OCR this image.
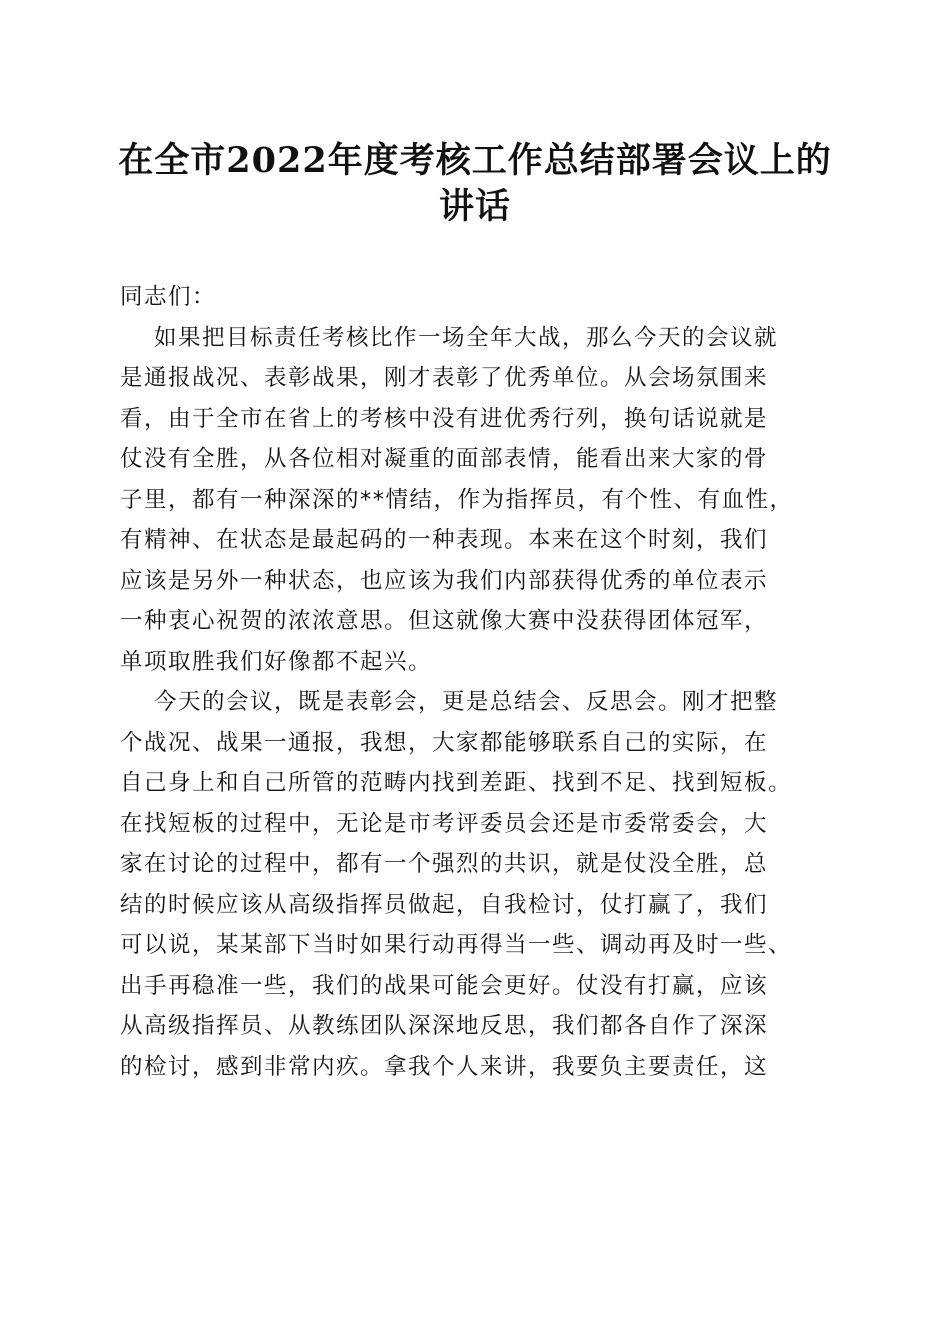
在全市2022年度考核工作总结部署会议上的
讲话
同志们：
如果把目标责任考核比作一场全年大战，那么今天的会议就
是通报战况、表彰战果，刚才表彰了优秀单位。从会场氛围来
看，由于全市在省上的考核中没有进优秀行列，换句话说就是
仗没有全胜，从各位相对凝重的面部表情，能看出来大家的骨
子里，都有一种深深的**情结，作为指挥员，有个性、有血性，
有精神、在状态是最起码的一种表现。本来在这个时刻，我们
应该是另外一种状态，也应该为我们内部获得优秀的单位表示
一种衷心祝贺的浓浓意思。但这就像大赛中没获得团体冠军，
单项取胜我们好像都不起兴。
今天的会议，既是表彰会，更是总结会、反思会。刚才把整
个战况、战果一通报，我想，大家都能够联系自己的实际，在
自己身上和自己所管的范畴内找到差距、找到不足、找到短板。
在找短板的过程中，无论是市考评委员会还是市委常委会，大
家在讨论的过程中，都有一个强烈的共识，就是仗没全胜，总
结的时候应该从高级指挥员做起，自我检讨，仗打赢了，我们
可以说，某某部下当时如果行动再得当一些、调动再及时一些、
出手再稳准一些，我们的战果可能会更好。仗没有打赢，应该
从高级指挥员、从教练团队深深地反思，我们都各自作了深深
的检讨，感到非常内疚。拿我个人来讲，我要负主要责任，这
